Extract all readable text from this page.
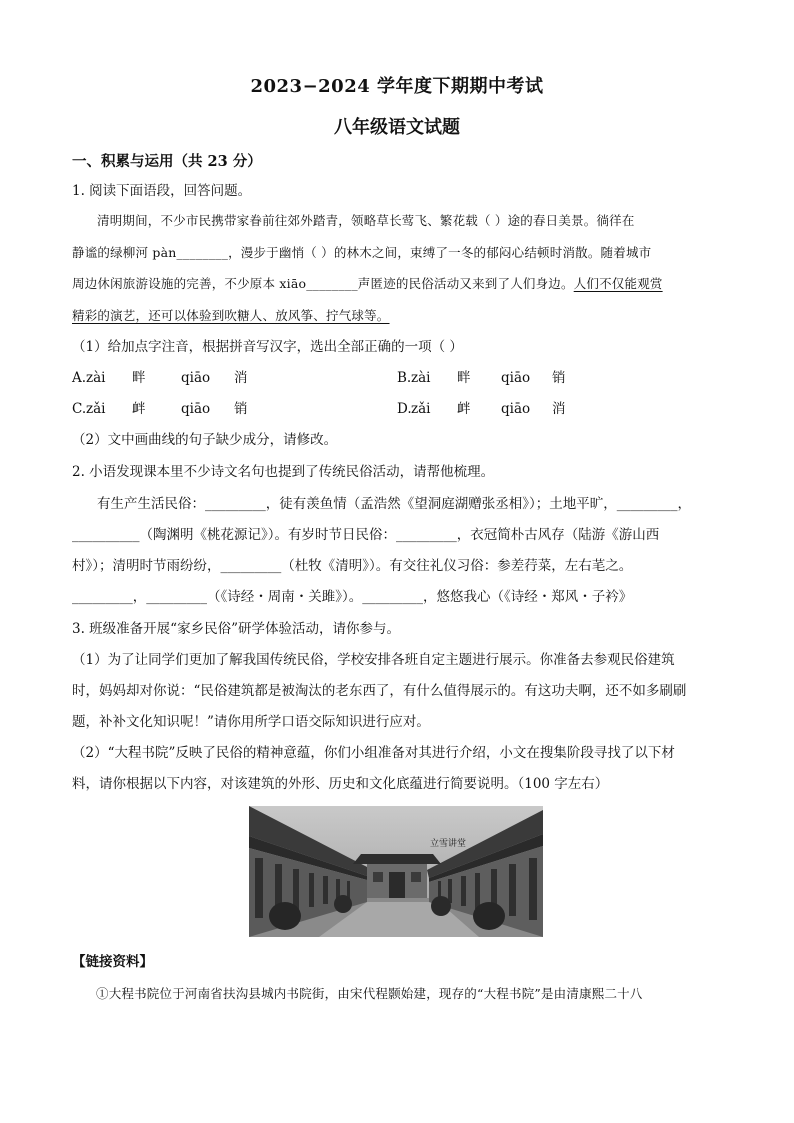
2023−2024 学年度下期期中考试
八年级语文试题
一、积累与运用（共 23 分）
1. 阅读下面语段，回答问题。
清明期间，不少市民携带家眷前往郊外踏青，领略草长莺飞、繁花载（ ）途的春日美景。徜徉在
静谧的绿柳河 pàn________，漫步于幽悄（ ）的林木之间，束缚了一冬的郁闷心结顿时消散。随着城市
周边休闲旅游设施的完善，不少原本 xiāo________声匿迹的民俗活动又来到了人们身边。人们不仅能观赏
精彩的演艺，还可以体验到吹糖人、放风筝、拧气球等。
（1）给加点字注音，根据拼音写汉字，选出全部正确的一项（ ）
A. zài 畔	qiāo 消	B. zài 畔 qiāo 销
C. zǎi 衅	qiāo 销	D. zǎi 衅 qiāo 消
（2）文中画曲线的句子缺少成分，请修改。
2. 小语发现课本里不少诗文名句也提到了传统民俗活动，请帮他梳理。
有生产生活民俗：_________，徒有羡鱼情（孟浩然《望洞庭湖赠张丞相》）；土地平旷，_________，
__________（陶渊明《桃花源记》）。有岁时节日民俗：_________，衣冠简朴古风存（陆游《游山西
村》）；清明时节雨纷纷，_________（杜牧《清明》）。有交往礼仪习俗：参差荇菜，左右芼之。
_________，_________（《诗经・周南・关雎》）。_________，悠悠我心（《诗经・郑风・子衿》
3. 班级准备开展“家乡民俗”研学体验活动，请你参与。
（1）为了让同学们更加了解我国传统民俗，学校安排各班自定主题进行展示。你准备去参观民俗建筑
时，妈妈却对你说：“民俗建筑都是被淘汰的老东西了，有什么值得展示的。有这功夫啊，还不如多刷刷
题，补补文化知识呢！”请你用所学口语交际知识进行应对。
（2）“大程书院”反映了民俗的精神意蕴，你们小组准备对其进行介绍，小文在搜集阶段寻找了以下材
料，请你根据以下内容，对该建筑的外形、历史和文化底蕴进行简要说明。（100 字左右）
立雪讲堂
【链接资料】
①大程书院位于河南省扶沟县城内书院街，由宋代程颢始建，现存的“大程书院”是由清康熙二十八
